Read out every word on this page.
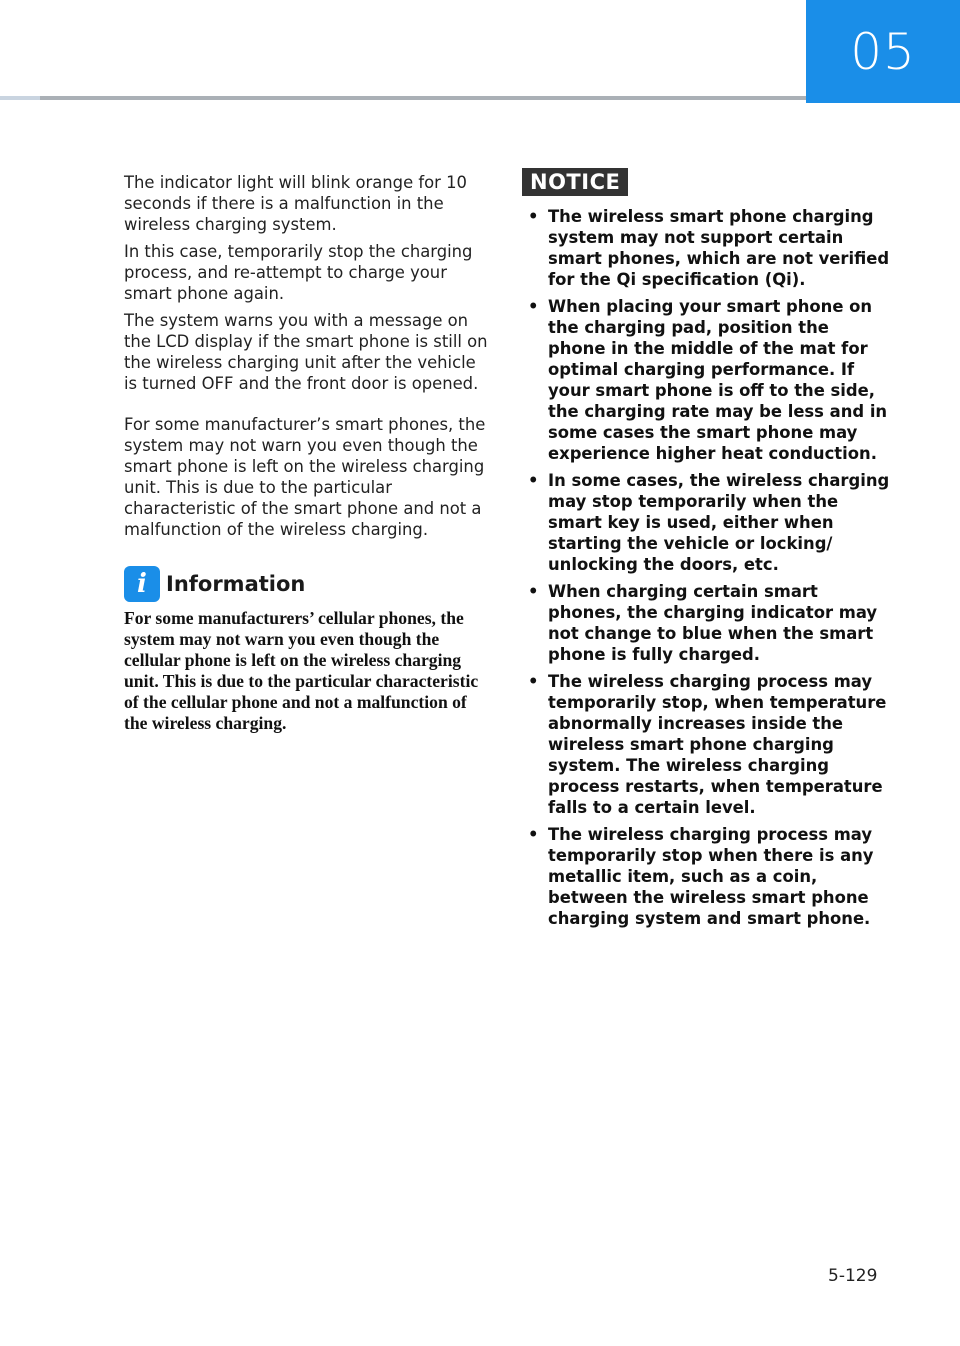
05

The indicator light will blink orange for 10 seconds if there is a malfunction in the wireless charging system.

In this case, temporarily stop the charging process, and re-attempt to charge your smart phone again.

The system warns you with a message on the LCD display if the smart phone is still on the wireless charging unit after the vehicle is turned OFF and the front door is opened.

For some manufacturer’s smart phones, the system may not warn you even though the smart phone is left on the wireless charging unit. This is due to the particular characteristic of the smart phone and not a malfunction of the wireless charging.

i Information

For some manufacturers’ cellular phones, the system may not warn you even though the cellular phone is left on the wireless charging unit. This is due to the particular characteristic of the cellular phone and not a malfunction of the wireless charging.

NOTICE
• The wireless smart phone charging system may not support certain smart phones, which are not verified for the Qi specification (Qi).
• When placing your smart phone on the charging pad, position the phone in the middle of the mat for optimal charging performance. If your smart phone is off to the side, the charging rate may be less and in some cases the smart phone may experience higher heat conduction.
• In some cases, the wireless charging may stop temporarily when the smart key is used, either when starting the vehicle or locking/ unlocking the doors, etc.
• When charging certain smart phones, the charging indicator may not change to blue when the smart phone is fully charged.
• The wireless charging process may temporarily stop, when temperature abnormally increases inside the wireless smart phone charging system. The wireless charging process restarts, when temperature falls to a certain level.
• The wireless charging process may temporarily stop when there is any metallic item, such as a coin, between the wireless smart phone charging system and smart phone.
5-129
